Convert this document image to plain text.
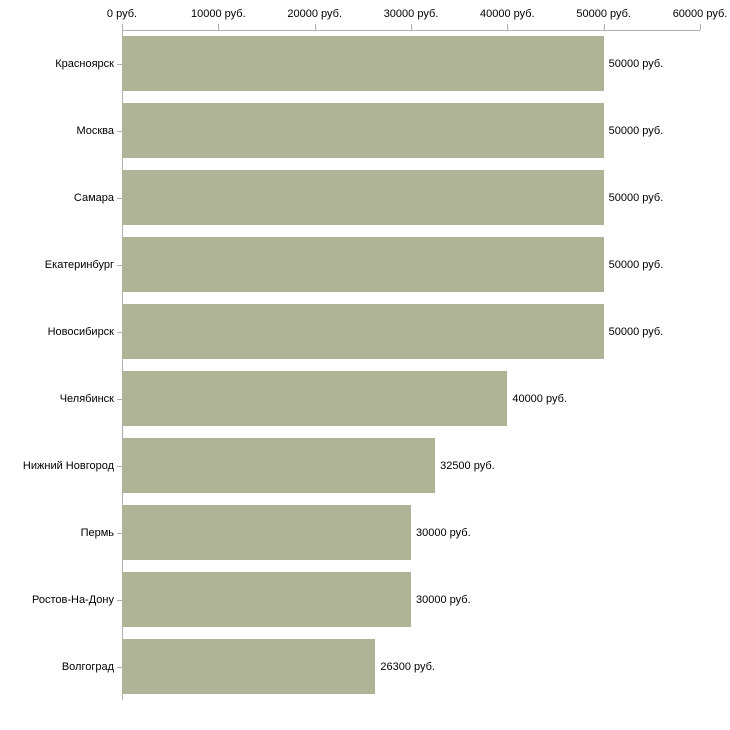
0 руб.	10000 руб.	20000 руб.	30000 руб.	40000 руб.	50000 руб.	60000 руб.
Красноярск
Москва
Самара
Екатеринбург
Новосибирск
Челябинск
Нижний Новгород
Пермь
Ростов-На-Дону
Волгоград
50000 руб.
50000 руб.
50000 руб.
50000 руб.
50000 руб.
40000 руб.
32500 руб.
30000 руб.
30000 руб.
26300 руб.
